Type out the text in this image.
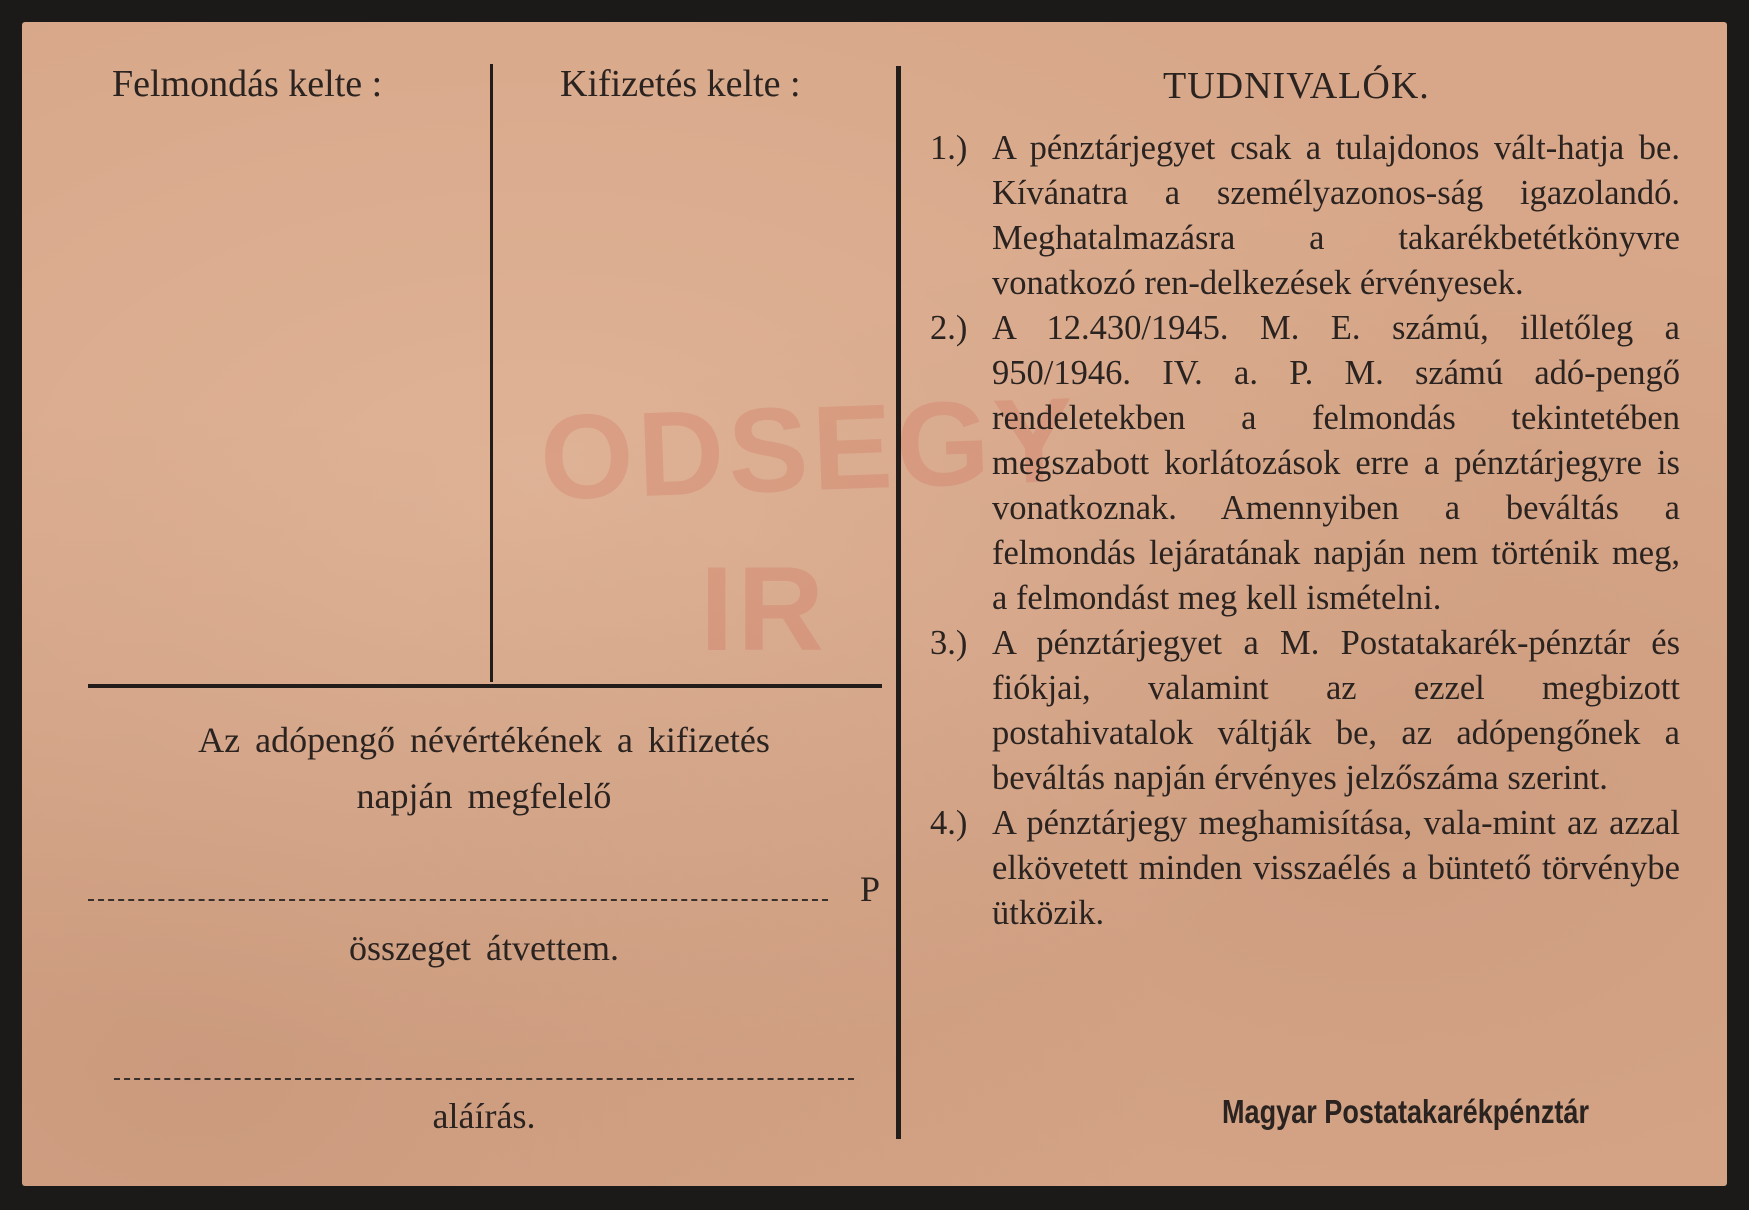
Felmondás kelte :	Kifizetés kelte :
Az adópengő névértékének a kifizetés
napján megfelelő
P
összeget átvettem.
aláírás.
TUDNIVALÓK.
1.) A pénztárjegyet csak a tulajdonos vált-hatja be. Kívánatra a személyazonos-ság igazolandó. Meghatalmazásra a takarékbetétkönyvre vonatkozó ren-delkezések érvényesek.
2.) A 12.430/1945. M. E. számú, illetőleg a 950/1946. IV. a. P. M. számú adó-pengő rendeletekben a felmondás tekintetében megszabott korlátozások erre a pénztárjegyre is vonatkoznak. Amennyiben a beváltás a felmondás lejáratának napján nem történik meg, a felmondást meg kell ismételni.
3.) A pénztárjegyet a M. Postatakarék-pénztár és fiókjai, valamint az ezzel megbizott postahivatalok váltják be, az adópengőnek a beváltás napján érvényes jelzőszáma szerint.
4.) A pénztárjegy meghamisítása, vala-mint az azzal elkövetett minden visszaélés a büntető törvénybe ütközik.
Magyar Postatakarékpénztár
